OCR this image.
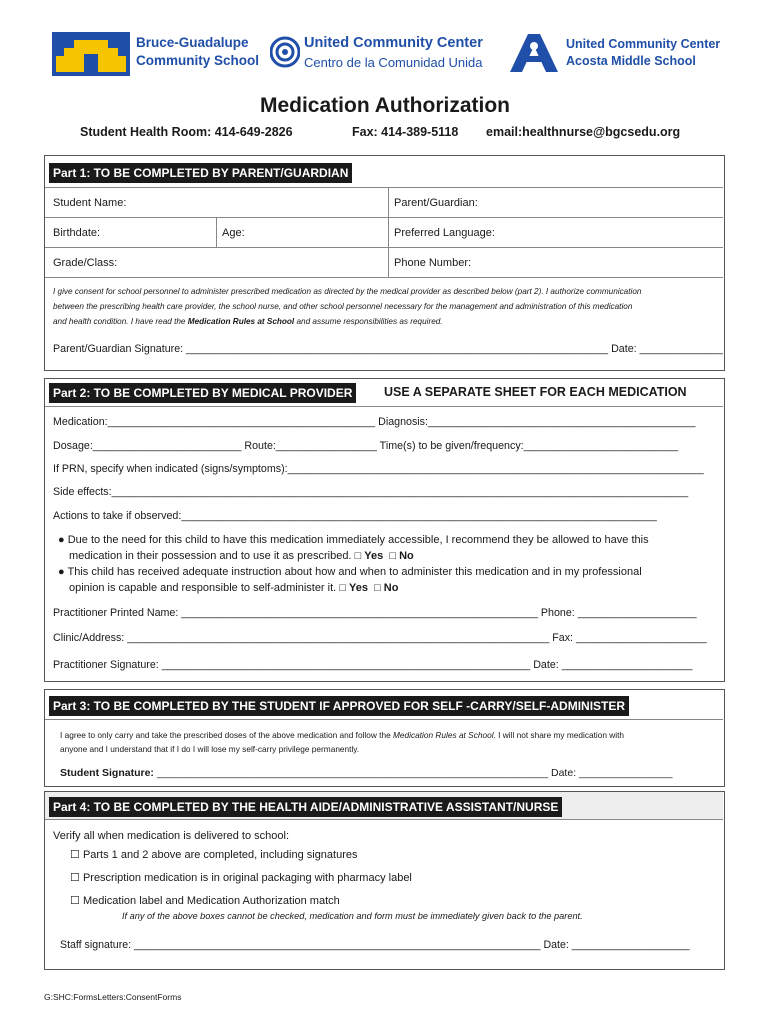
Bruce-Guadalupe
Community School
United Community Center
Centro de la Comunidad Unida
United Community Center
Acosta Middle School
Medication Authorization
Student Health Room: 414-649-2826	Fax: 414-389-5118 email:healthnurse@bgcsedu.org
Part 1: TO BE COMPLETED BY PARENT/GUARDIAN
Student Name:	Parent/Guardian:
Birthdate:	Age:	Preferred Language:
Grade/Class:	Phone Number:
I give consent for school personnel to administer prescribed medication as directed by the medical provider as described below (part 2). I authorize communication
between the prescribing health care provider, the school nurse, and other school personnel necessary for the management and administration of this medication
and health condition. I have read the Medication Rules at School and assume responsibilities as required.
Parent/Guardian Signature: _______________________________________________________________________ Date: ______________
Part 2: TO BE COMPLETED BY MEDICAL PROVIDER	USE A SEPARATE SHEET FOR EACH MEDICATION
Medication:_____________________________________________ Diagnosis:_____________________________________________
Dosage:_________________________ Route:_________________ Time(s) to be given/frequency:__________________________
If PRN, specify when indicated (signs/symptoms):______________________________________________________________________
Side effects:_________________________________________________________________________________________________
Actions to take if observed:________________________________________________________________________________
● Due to the need for this child to have this medication immediately accessible, I recommend they be allowed to have this
medication in their possession and to use it as prescribed. □ Yes □ No
● This child has received adequate instruction about how and when to administer this medication and in my professional
opinion is capable and responsible to self-administer it. □ Yes □ No
Practitioner Printed Name: ____________________________________________________________ Phone: ____________________
Clinic/Address: _______________________________________________________________________ Fax: ______________________
Practitioner Signature: ______________________________________________________________ Date: ______________________
Part 3: TO BE COMPLETED BY THE STUDENT IF APPROVED FOR SELF -CARRY/SELF-ADMINISTER
I agree to only carry and take the prescribed doses of the above medication and follow the Medication Rules at School. I will not share my medication with
anyone and I understand that if I do I will lose my self-carry privilege permanently.
Student Signature: ___________________________________________________________________ Date: ________________
Part 4: TO BE COMPLETED BY THE HEALTH AIDE/ADMINISTRATIVE ASSISTANT/NURSE
Verify all when medication is delivered to school:
☐ Parts 1 and 2 above are completed, including signatures
☐ Prescription medication is in original packaging with pharmacy label
☐ Medication label and Medication Authorization match
If any of the above boxes cannot be checked, medication and form must be immediately given back to the parent.
Staff signature: _____________________________________________________________________ Date: ____________________
G:SHC:FormsLetters:ConsentForms
